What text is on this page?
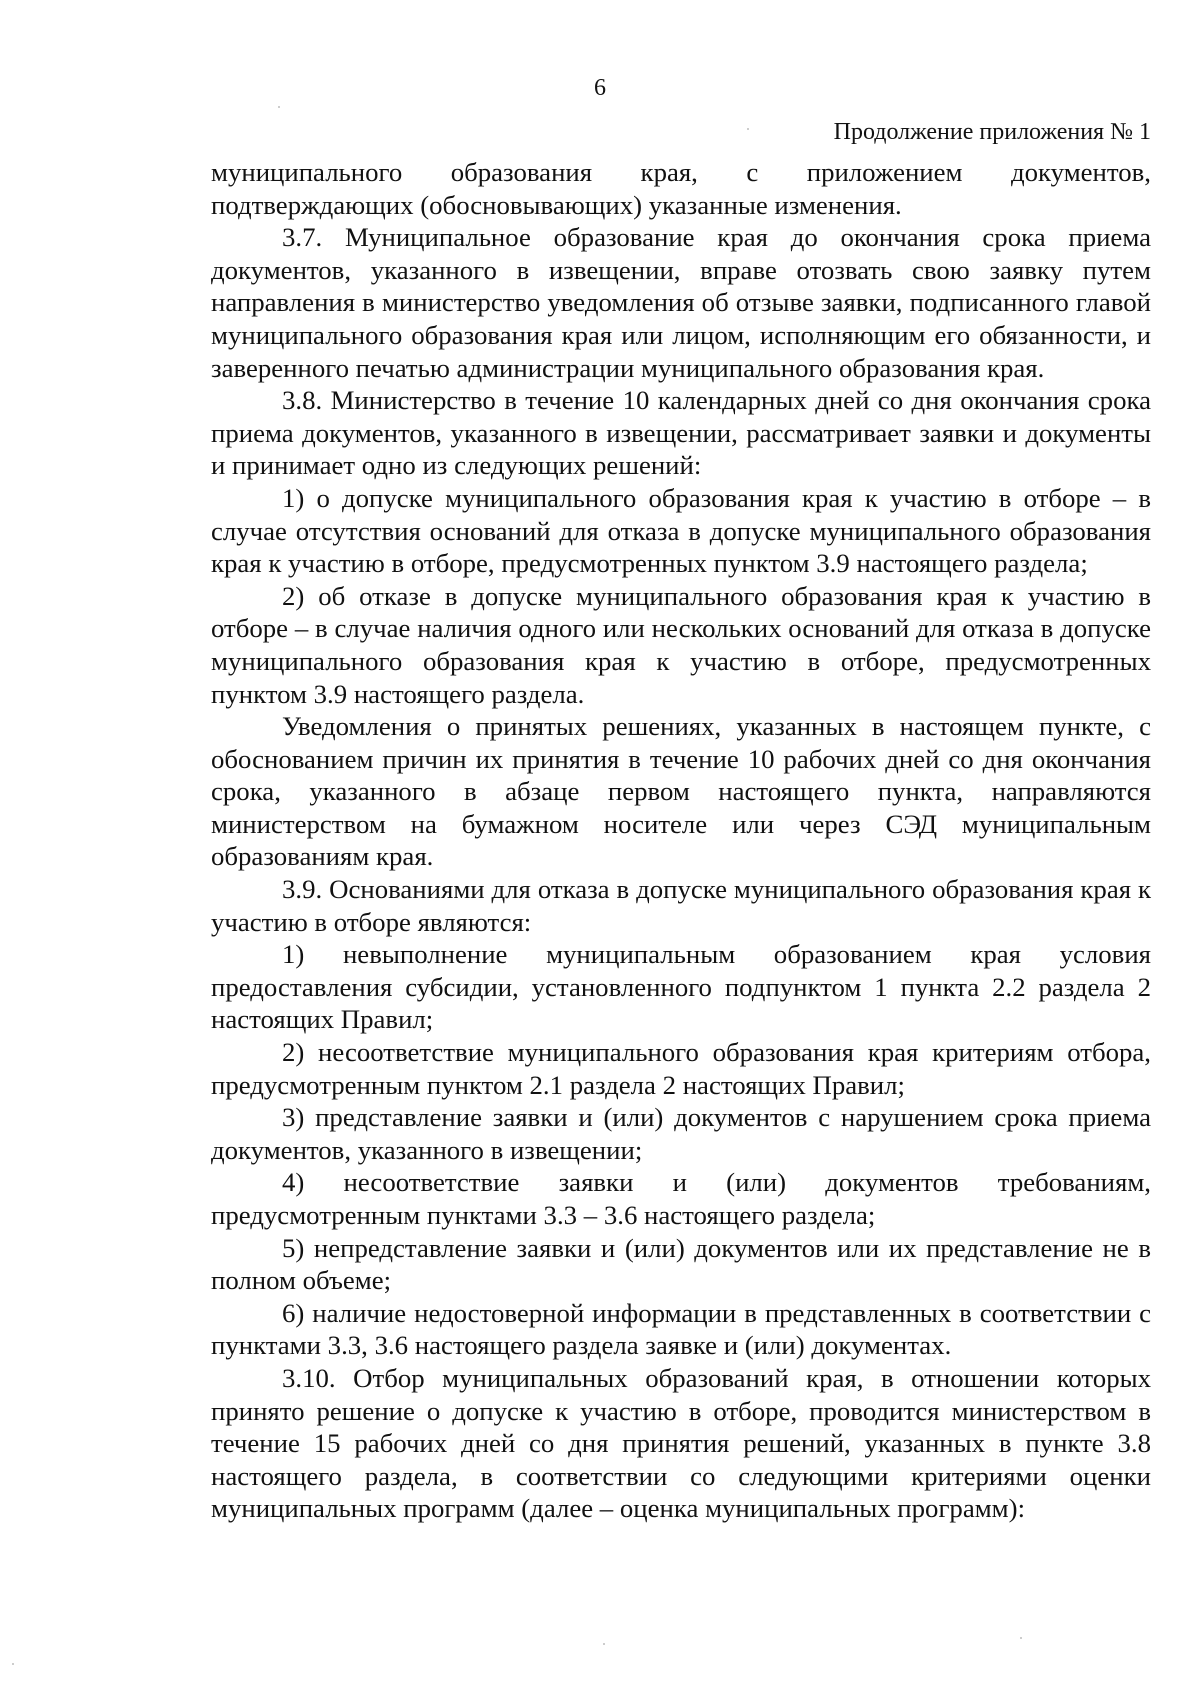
6
Продолжение приложения № 1

муниципального образования края, с приложением документов, подтверждающих (обосновывающих) указанные изменения.

3.7. Муниципальное образование края до окончания срока приема документов, указанного в извещении, вправе отозвать свою заявку путем направления в министерство уведомления об отзыве заявки, подписанного главой муниципального образования края или лицом, исполняющим его обязанности, и заверенного печатью администрации муниципального образования края.

3.8. Министерство в течение 10 календарных дней со дня окончания срока приема документов, указанного в извещении, рассматривает заявки и документы и принимает одно из следующих решений:

1) о допуске муниципального образования края к участию в отборе – в случае отсутствия оснований для отказа в допуске муниципального образования края к участию в отборе, предусмотренных пунктом 3.9 настоящего раздела;

2) об отказе в допуске муниципального образования края к участию в отборе – в случае наличия одного или нескольких оснований для отказа в допуске муниципального образования края к участию в отборе, предусмотренных пунктом 3.9 настоящего раздела.

Уведомления о принятых решениях, указанных в настоящем пункте, с обоснованием причин их принятия в течение 10 рабочих дней со дня окончания срока, указанного в абзаце первом настоящего пункта, направляются министерством на бумажном носителе или через СЭД муниципальным образованиям края.

3.9. Основаниями для отказа в допуске муниципального образования края к участию в отборе являются:

1) невыполнение муниципальным образованием края условия предоставления субсидии, установленного подпунктом 1 пункта 2.2 раздела 2 настоящих Правил;

2) несоответствие муниципального образования края критериям отбора, предусмотренным пунктом 2.1 раздела 2 настоящих Правил;

3) представление заявки и (или) документов с нарушением срока приема документов, указанного в извещении;

4) несоответствие заявки и (или) документов требованиям, предусмотренным пунктами 3.3 – 3.6 настоящего раздела;

5) непредставление заявки и (или) документов или их представление не в полном объеме;

6) наличие недостоверной информации в представленных в соответствии с пунктами 3.3, 3.6 настоящего раздела заявке и (или) документах.

3.10. Отбор муниципальных образований края, в отношении которых принято решение о допуске к участию в отборе, проводится министерством в течение 15 рабочих дней со дня принятия решений, указанных в пункте 3.8 настоящего раздела, в соответствии со следующими критериями оценки муниципальных программ (далее – оценка муниципальных программ):
